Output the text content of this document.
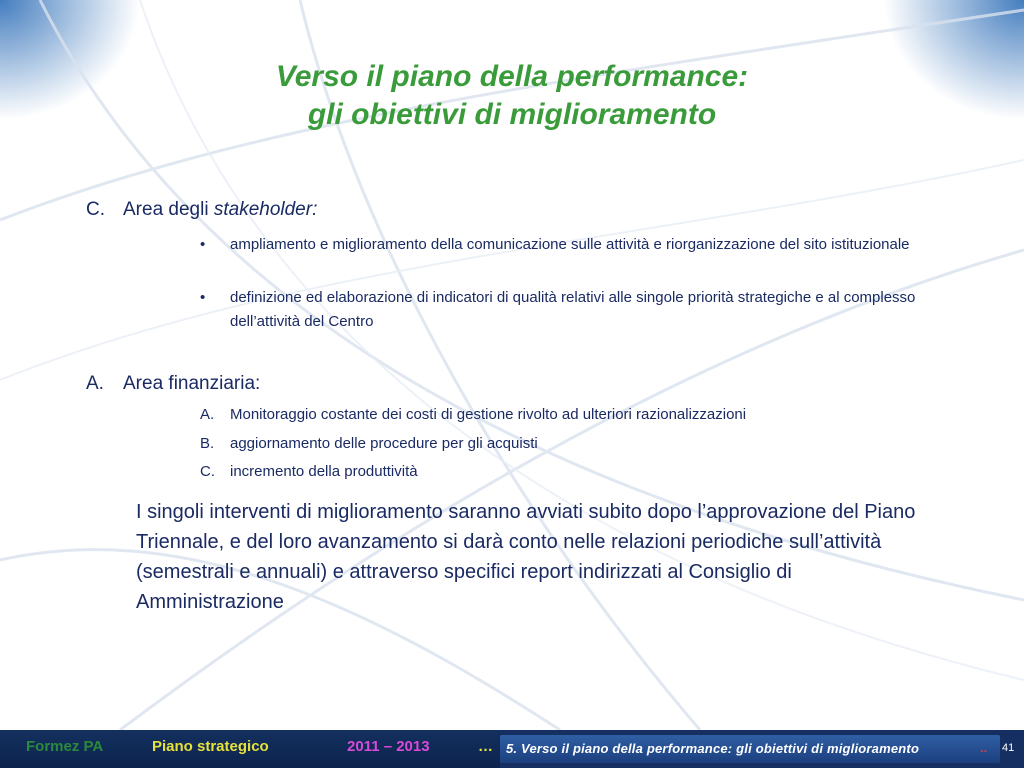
Verso il piano della performance:
gli obiettivi di miglioramento
C. Area degli stakeholder:
•	ampliamento e miglioramento della comunicazione sulle attività e riorganizzazione del sito istituzionale
•	definizione ed elaborazione di indicatori di qualità relativi alle singole priorità strategiche e al complesso dell’attività del Centro
A. Area finanziaria:
A.	Monitoraggio costante dei costi di gestione rivolto ad ulteriori razionalizzazioni
B.	aggiornamento delle procedure per gli acquisti
C.	incremento della produttività
I singoli interventi di miglioramento saranno avviati subito dopo l’approvazione del Piano Triennale, e del loro avanzamento si darà conto nelle relazioni periodiche sull’attività (semestrali e annuali) e attraverso specifici report indirizzati al Consiglio di Amministrazione
Formez PA	Piano strategico	2011 – 2013	… 5. Verso il piano della performance: gli obiettivi di miglioramento	.. 41
